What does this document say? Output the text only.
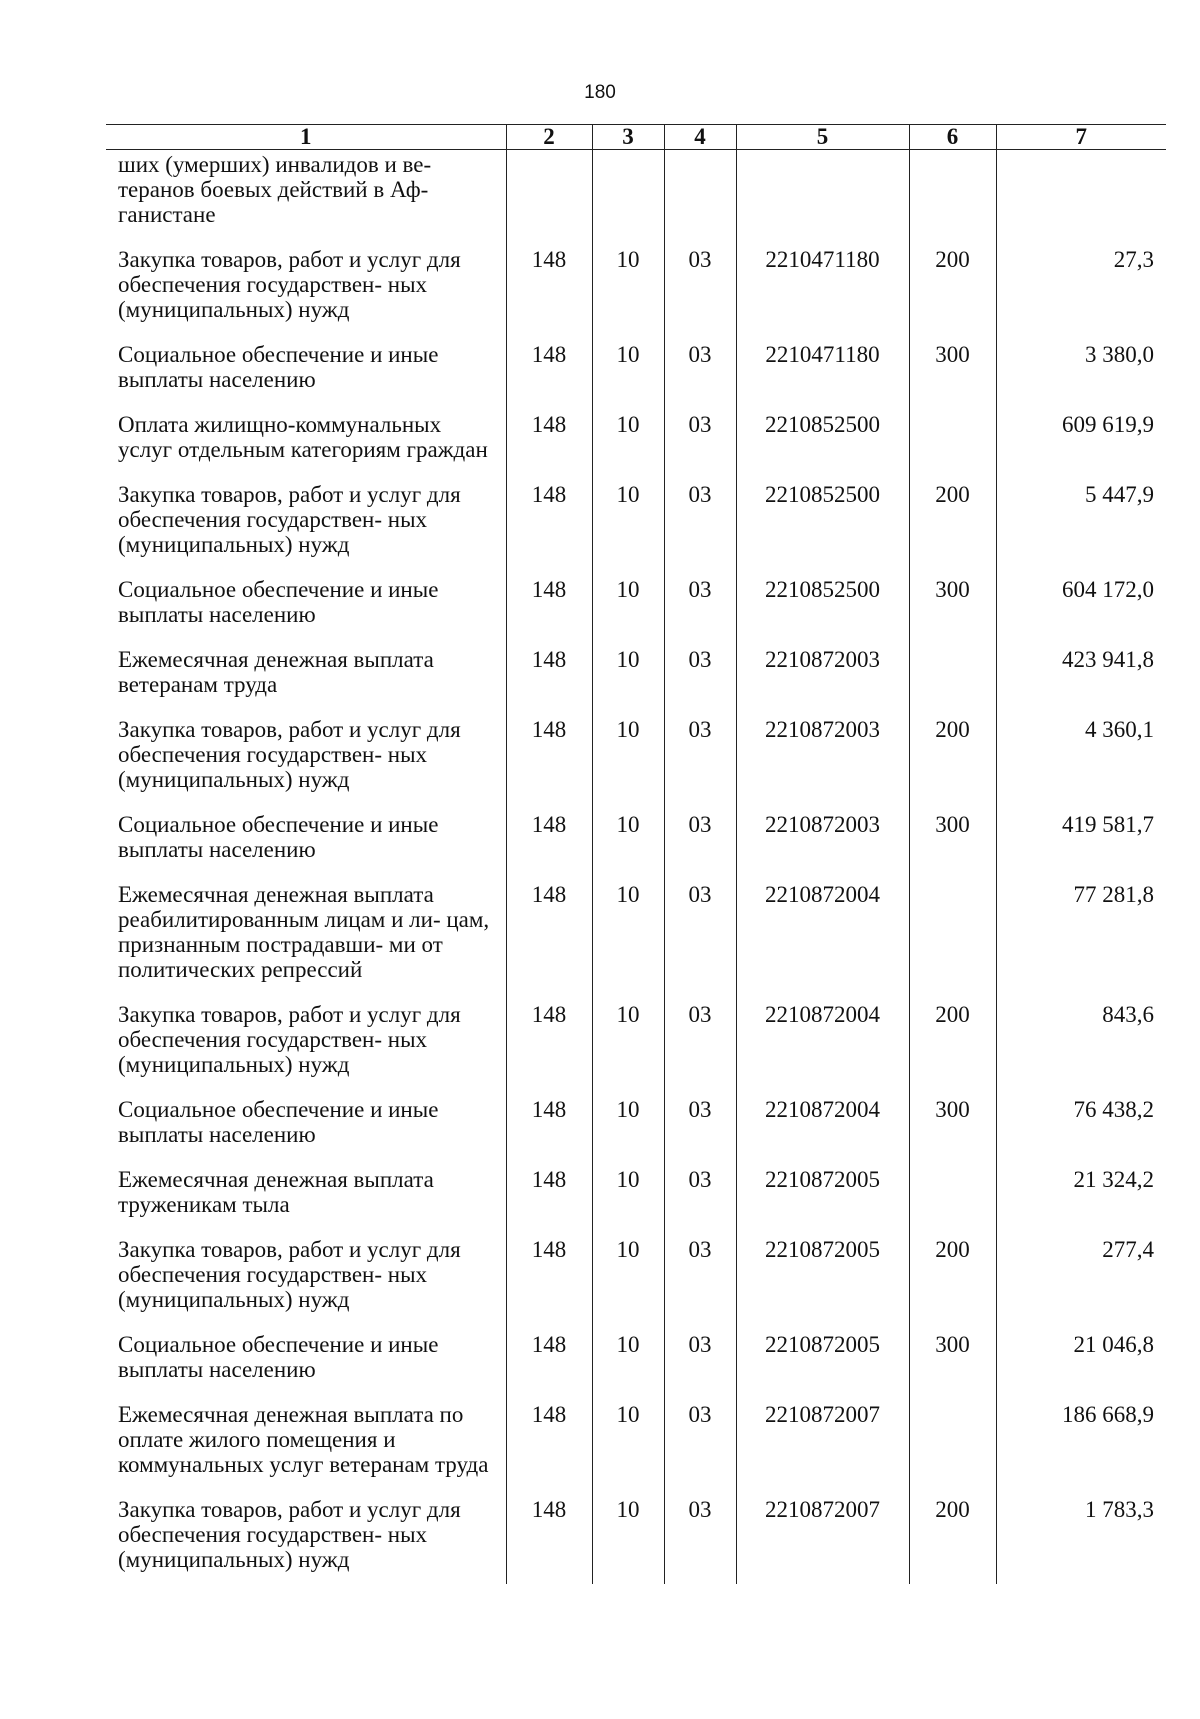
180
1	2	3	4	5	6	7
ших (умерших) инвалидов и ве- теранов боевых действий в Аф- ганистане						
Закупка товаров, работ и услуг для обеспечения государствен- ных (муниципальных) нужд	148	10	03	2210471180	200	27,3
Социальное обеспечение и иные выплаты населению	148	10	03	2210471180	300	3 380,0
Оплата жилищно-коммунальных услуг отдельным категориям граждан	148	10	03	2210852500		609 619,9
Закупка товаров, работ и услуг для обеспечения государствен- ных (муниципальных) нужд	148	10	03	2210852500	200	5 447,9
Социальное обеспечение и иные выплаты населению	148	10	03	2210852500	300	604 172,0
Ежемесячная денежная выплата ветеранам труда	148	10	03	2210872003		423 941,8
Закупка товаров, работ и услуг для обеспечения государствен- ных (муниципальных) нужд	148	10	03	2210872003	200	4 360,1
Социальное обеспечение и иные выплаты населению	148	10	03	2210872003	300	419 581,7
Ежемесячная денежная выплата реабилитированным лицам и ли- цам, признанным пострадавши- ми от политических репрессий	148	10	03	2210872004		77 281,8
Закупка товаров, работ и услуг для обеспечения государствен- ных (муниципальных) нужд	148	10	03	2210872004	200	843,6
Социальное обеспечение и иные выплаты населению	148	10	03	2210872004	300	76 438,2
Ежемесячная денежная выплата труженикам тыла	148	10	03	2210872005		21 324,2
Закупка товаров, работ и услуг для обеспечения государствен- ных (муниципальных) нужд	148	10	03	2210872005	200	277,4
Социальное обеспечение и иные выплаты населению	148	10	03	2210872005	300	21 046,8
Ежемесячная денежная выплата по оплате жилого помещения и коммунальных услуг ветеранам труда	148	10	03	2210872007		186 668,9
Закупка товаров, работ и услуг для обеспечения государствен- ных (муниципальных) нужд	148	10	03	2210872007	200	1 783,3
